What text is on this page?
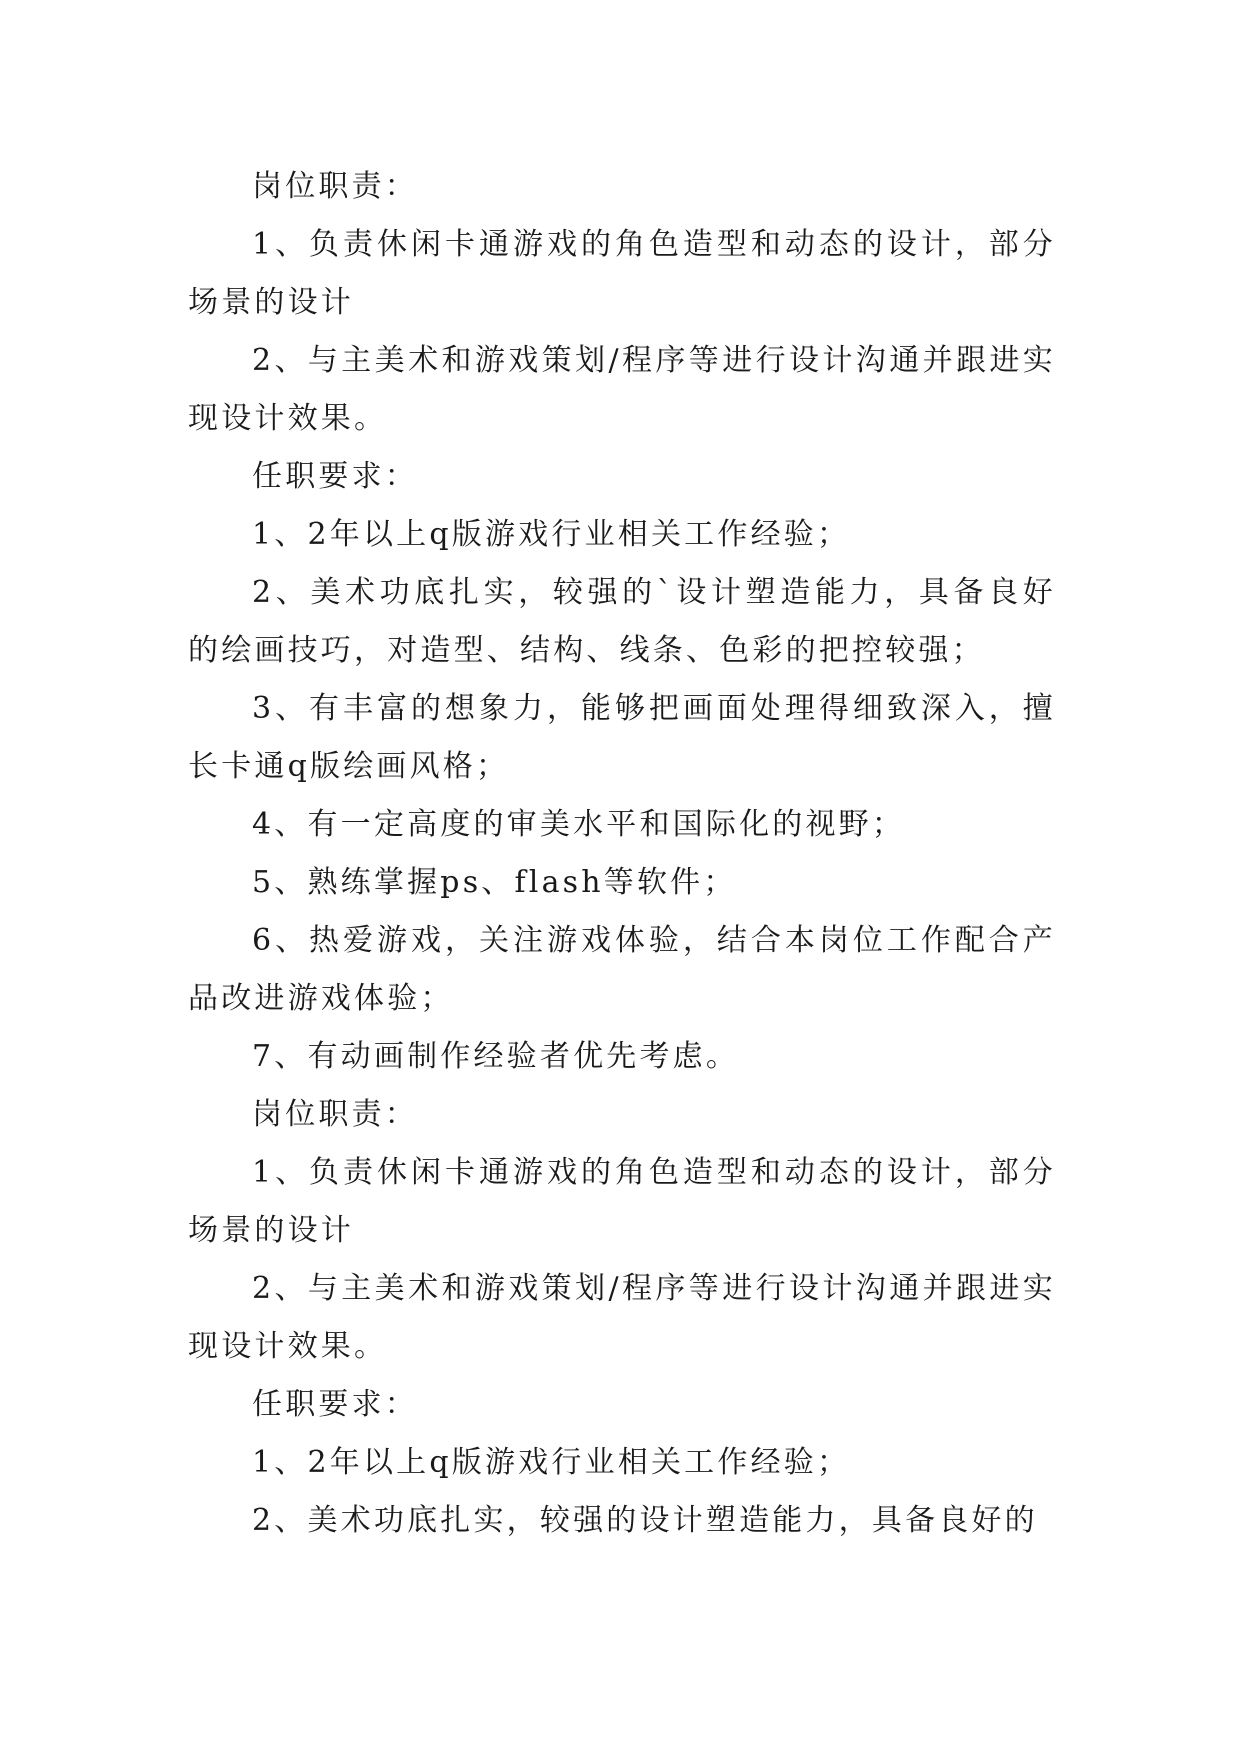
岗位职责：

1、负责休闲卡通游戏的角色造型和动态的设计，部分场景的设计

2、与主美术和游戏策划/程序等进行设计沟通并跟进实现设计效果。

任职要求：

1、2年以上q版游戏行业相关工作经验；

2、美术功底扎实，较强的`设计塑造能力，具备良好的绘画技巧，对造型、结构、线条、色彩的把控较强；

3、有丰富的想象力，能够把画面处理得细致深入，擅长卡通q版绘画风格；

4、有一定高度的审美水平和国际化的视野；

5、熟练掌握ps、flash等软件；

6、热爱游戏，关注游戏体验，结合本岗位工作配合产品改进游戏体验；

7、有动画制作经验者优先考虑。

岗位职责：

1、负责休闲卡通游戏的角色造型和动态的设计，部分场景的设计

2、与主美术和游戏策划/程序等进行设计沟通并跟进实现设计效果。

任职要求：

1、2年以上q版游戏行业相关工作经验；

2、美术功底扎实，较强的设计塑造能力，具备良好的
